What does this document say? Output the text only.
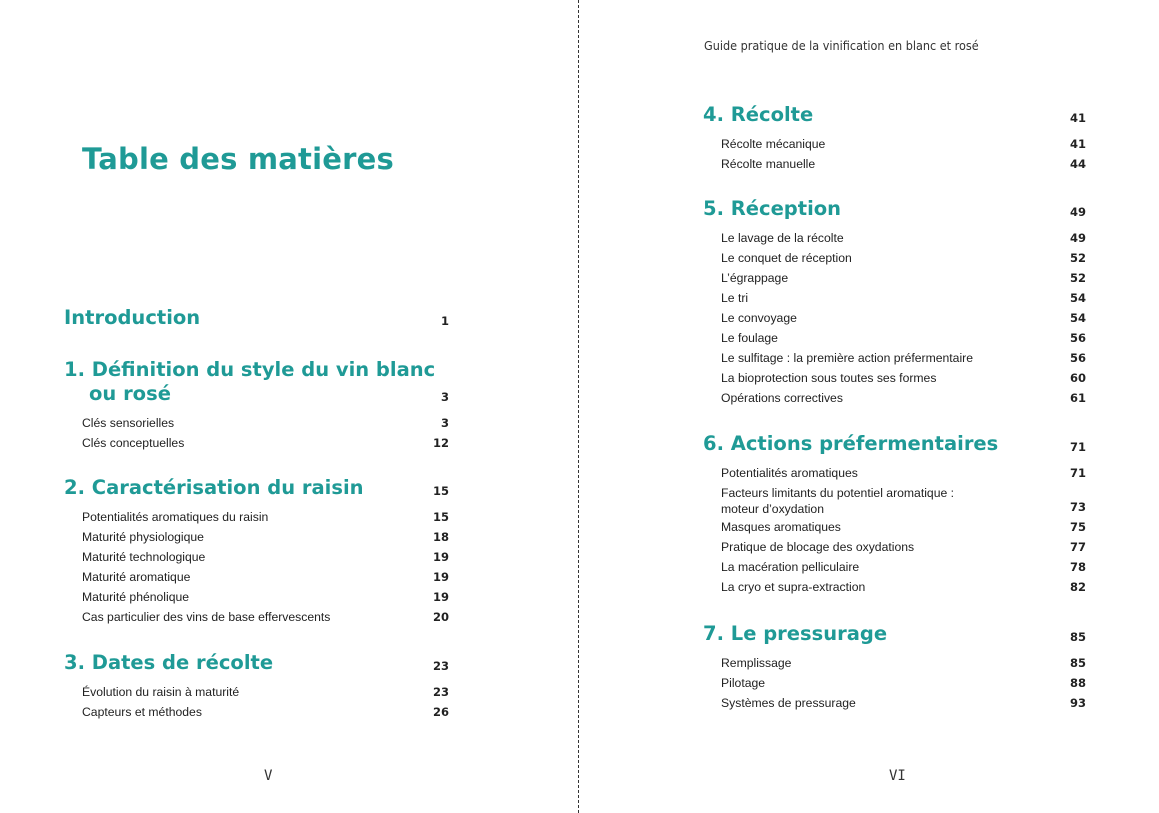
Table des matières
Introduction	1
1. Définition du style du vin blanc
ou rosé	3
Clés sensorielles	3
Clés conceptuelles	12
2. Caractérisation du raisin	15
Potentialités aromatiques du raisin	15
Maturité physiologique	18
Maturité technologique	19
Maturité aromatique	19
Maturité phénolique	19
Cas particulier des vins de base effervescents	20
3. Dates de récolte	23
Évolution du raisin à maturité	23
Capteurs et méthodes	26
V
Guide pratique de la vinification en blanc et rosé
4. Récolte	41
Récolte mécanique	41
Récolte manuelle	44
5. Réception	49
Le lavage de la récolte	49
Le conquet de réception	52
L’égrappage	52
Le tri	54
Le convoyage	54
Le foulage	56
Le sulfitage : la première action préfermentaire	56
La bioprotection sous toutes ses formes	60
Opérations correctives	61
6. Actions préfermentaires	71
Potentialités aromatiques	71
Facteurs limitants du potentiel aromatique :
moteur d’oxydation	73
Masques aromatiques	75
Pratique de blocage des oxydations	77
La macération pelliculaire	78
La cryo et supra-extraction	82
7. Le pressurage	85
Remplissage	85
Pilotage	88
Systèmes de pressurage	93
VI
